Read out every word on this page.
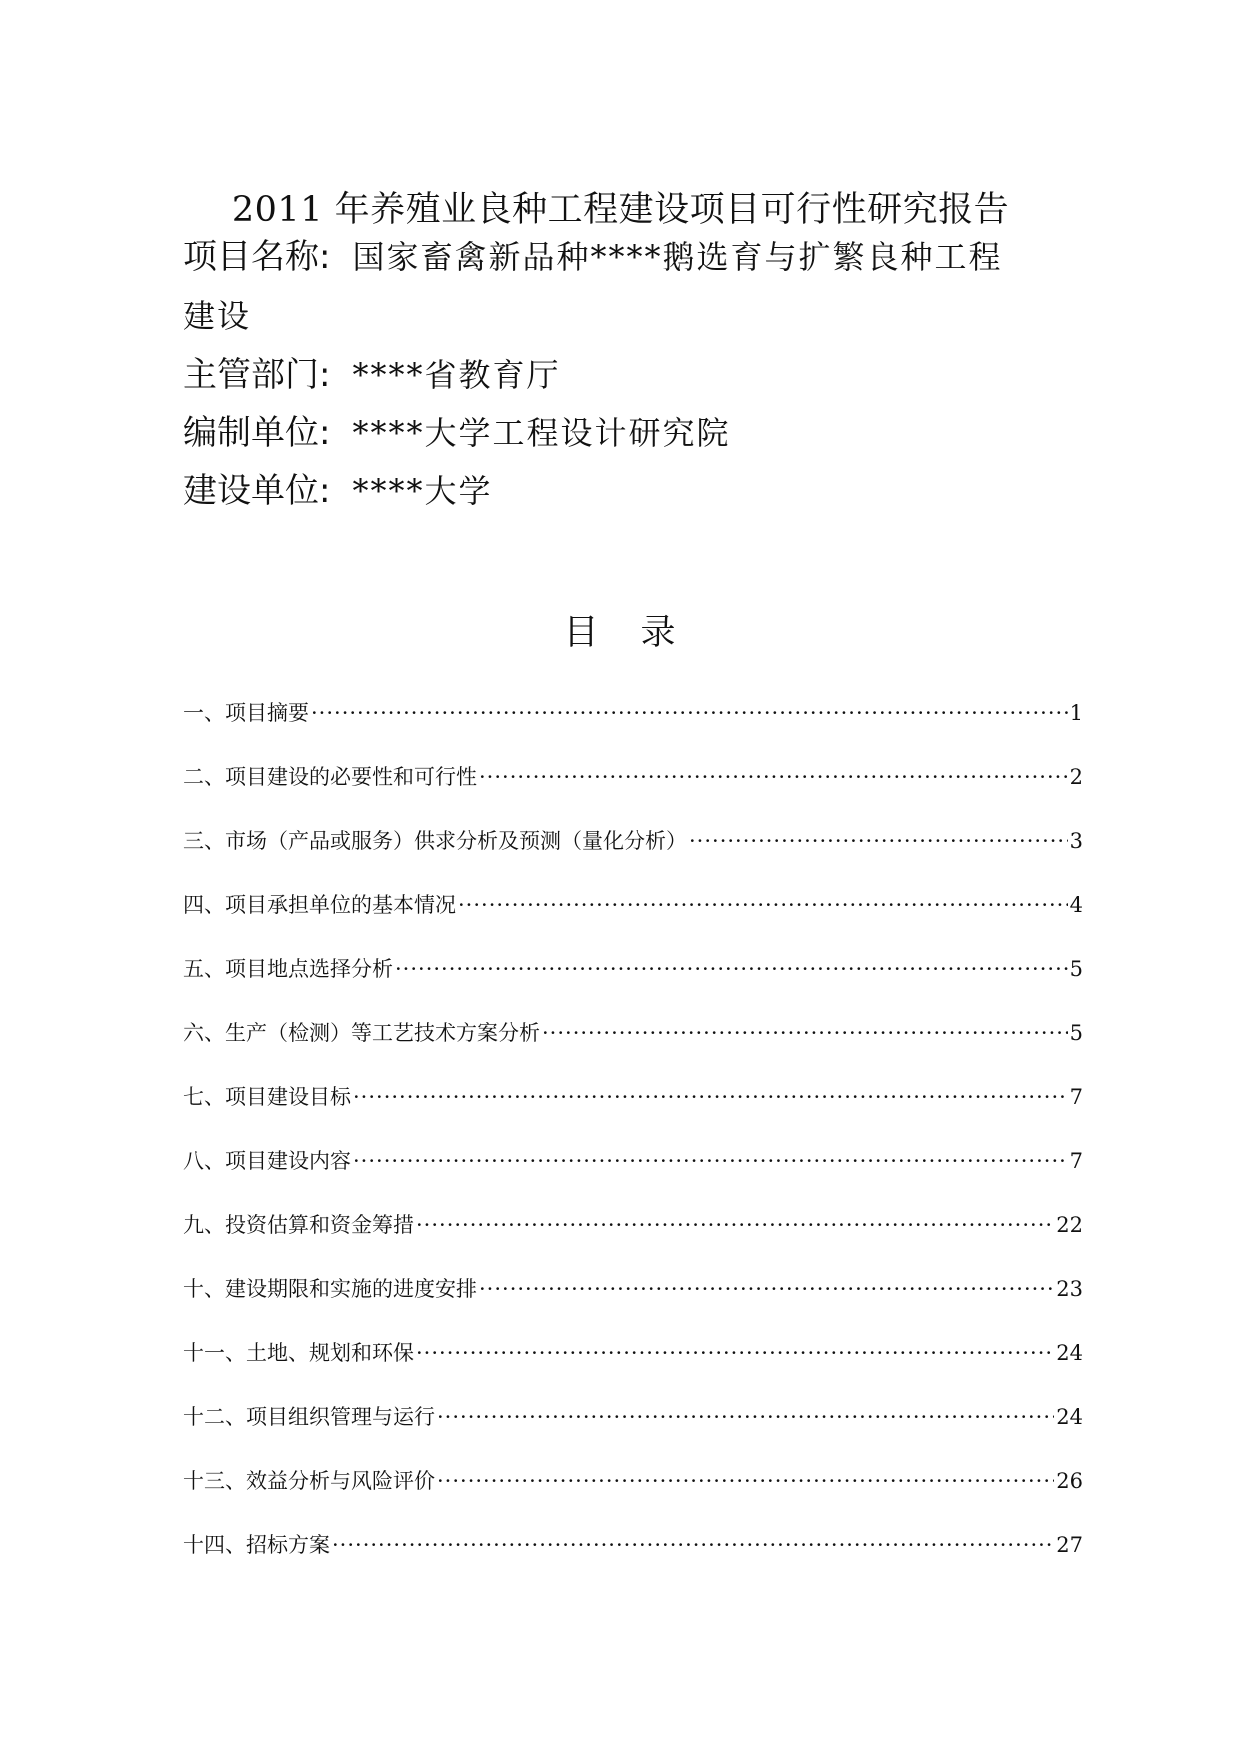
2011 年养殖业良种工程建设项目可行性研究报告
项目名称: 国家畜禽新品种****鹅选育与扩繁良种工程
建设
主管部门: ****省教育厅
编制单位: ****大学工程设计研究院
建设单位: ****大学
目 录
一、项目摘要 ·····	1
二、项目建设的必要性和可行性 ·····	2
三、市场（产品或服务）供求分析及预测（量化分析） ·····	3
四、项目承担单位的基本情况 ·····	4
五、项目地点选择分析 ·····	5
六、生产（检测）等工艺技术方案分析 ·····	5
七、项目建设目标 ·····	7
八、项目建设内容 ·····	7
九、投资估算和资金筹措 ·····	22
十、建设期限和实施的进度安排 ·····	23
十一、土地、规划和环保 ·····	24
十二、项目组织管理与运行 ·····	24
十三、效益分析与风险评价 ·····	26
十四、招标方案 ·····	27
